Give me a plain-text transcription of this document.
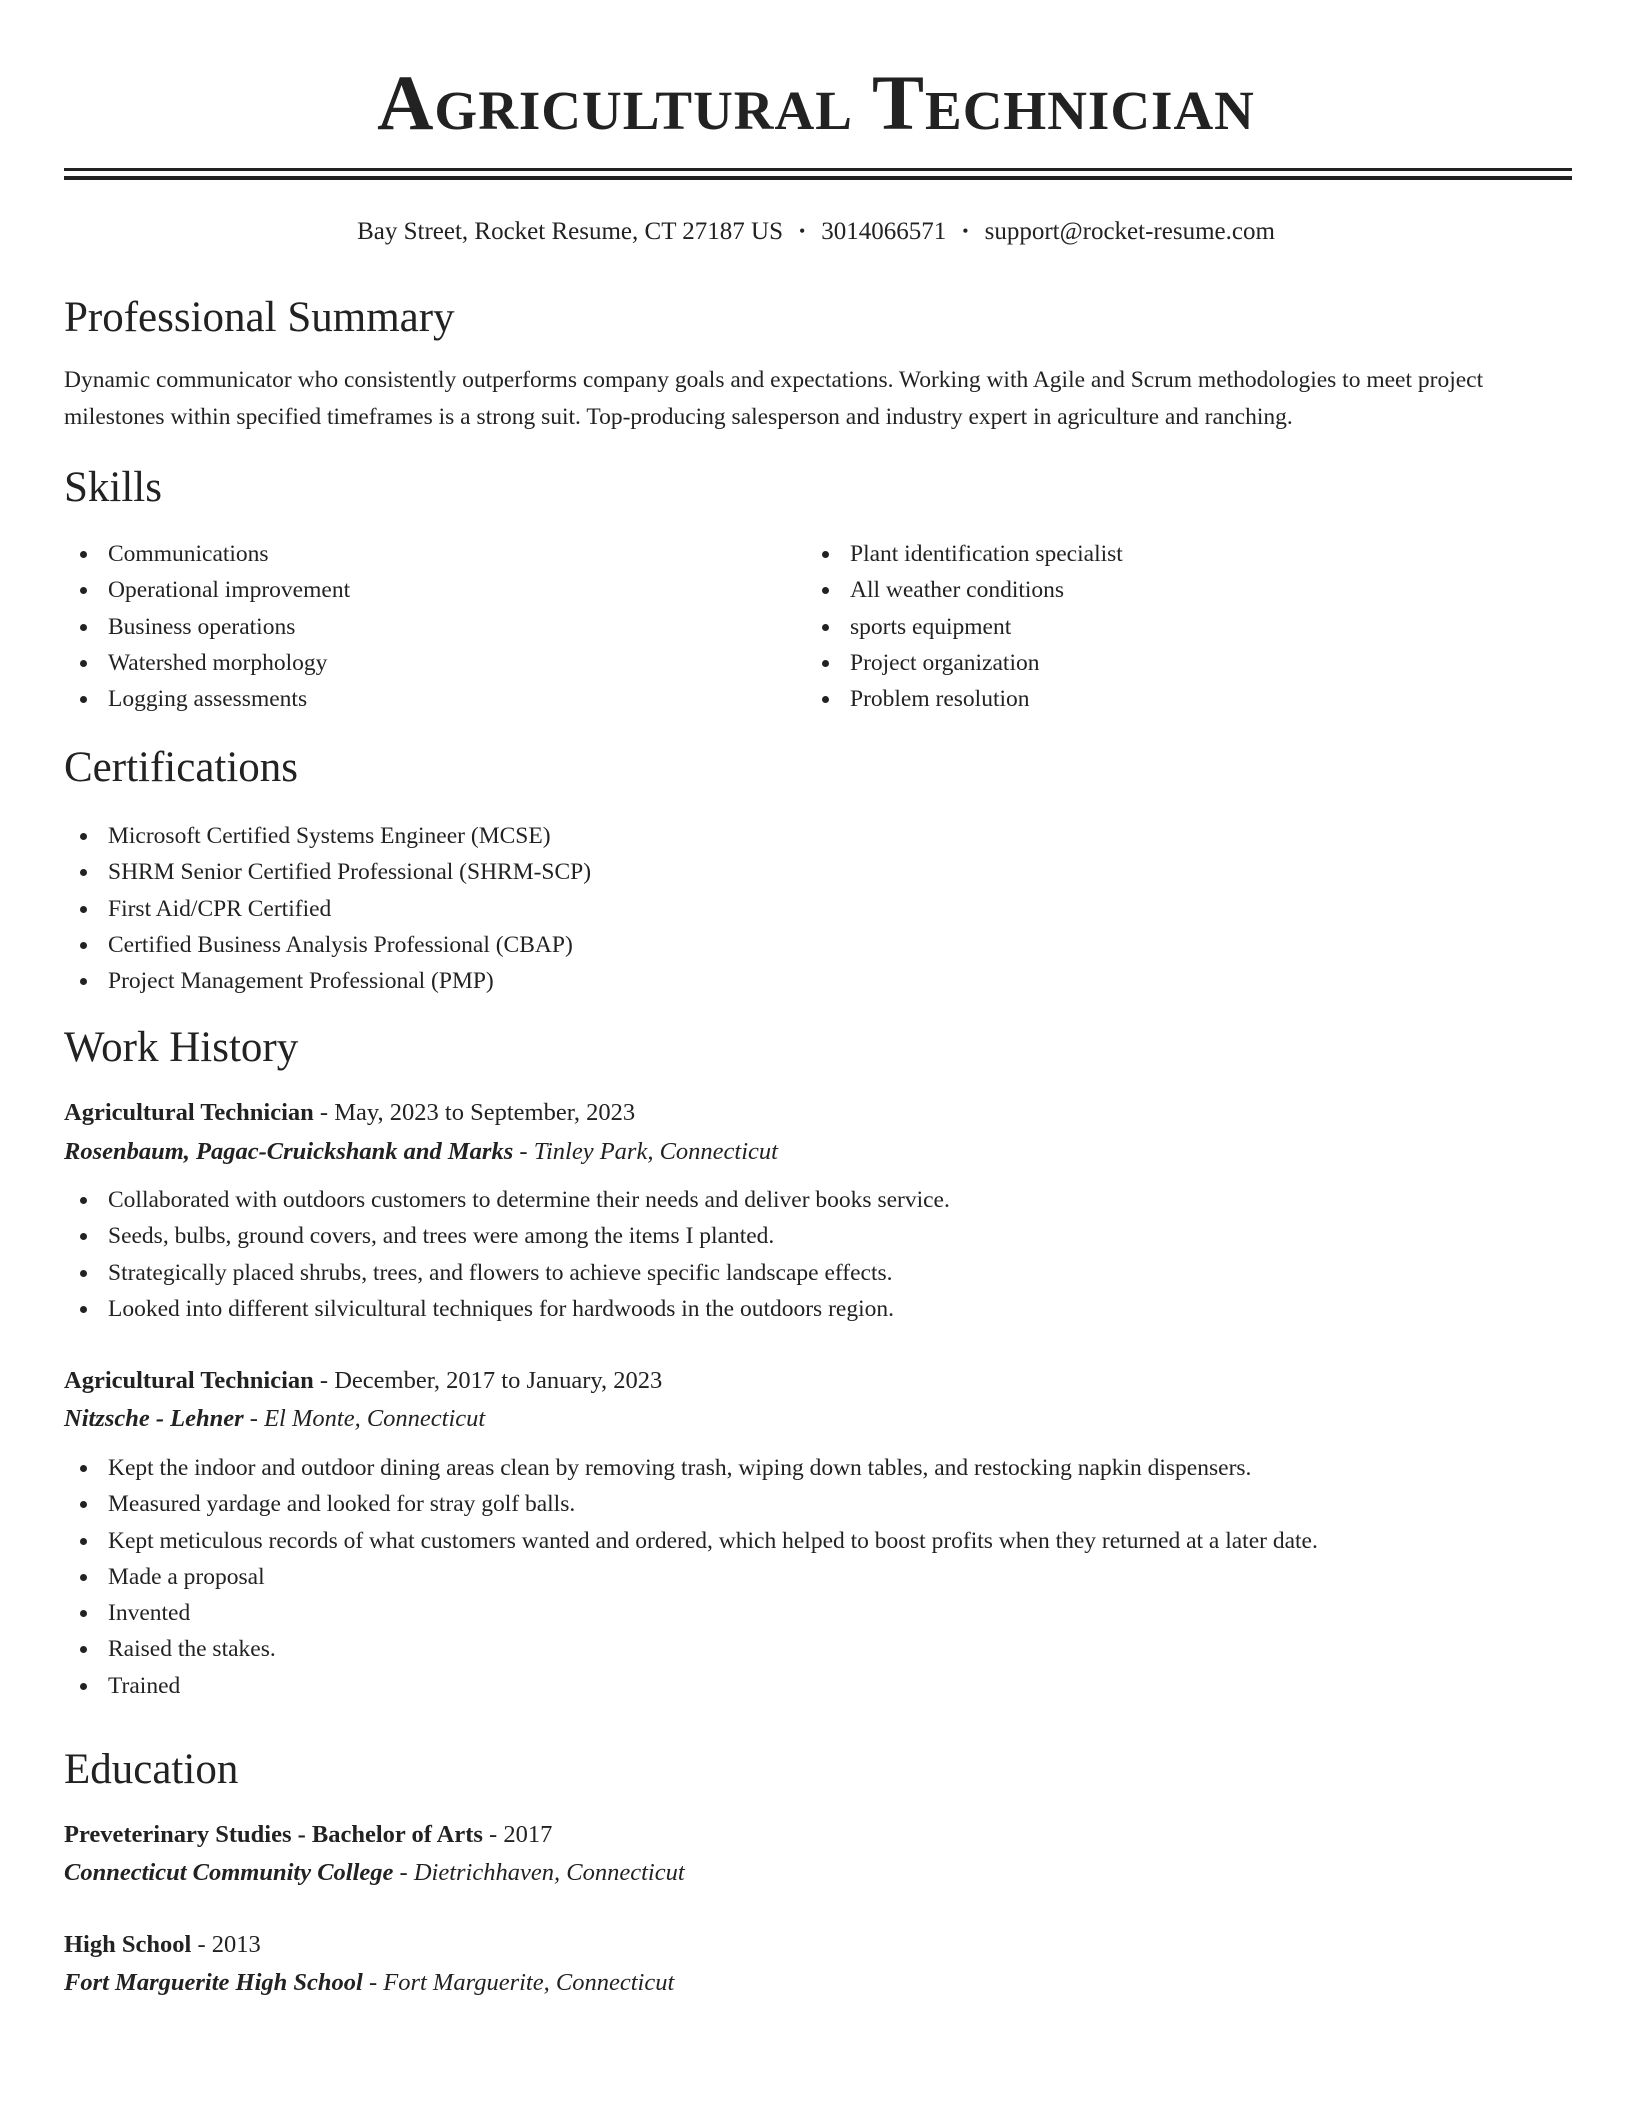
Agricultural Technician
Bay Street, Rocket Resume, CT 27187 US • 3014066571 • support@rocket-resume.com
Professional Summary
Dynamic communicator who consistently outperforms company goals and expectations. Working with Agile and Scrum methodologies to meet project milestones within specified timeframes is a strong suit. Top-producing salesperson and industry expert in agriculture and ranching.
Skills
Communications
Operational improvement
Business operations
Watershed morphology
Logging assessments
Plant identification specialist
All weather conditions
sports equipment
Project organization
Problem resolution
Certifications
Microsoft Certified Systems Engineer (MCSE)
SHRM Senior Certified Professional (SHRM-SCP)
First Aid/CPR Certified
Certified Business Analysis Professional (CBAP)
Project Management Professional (PMP)
Work History
Agricultural Technician - May, 2023 to September, 2023
Rosenbaum, Pagac-Cruickshank and Marks - Tinley Park, Connecticut
Collaborated with outdoors customers to determine their needs and deliver books service.
Seeds, bulbs, ground covers, and trees were among the items I planted.
Strategically placed shrubs, trees, and flowers to achieve specific landscape effects.
Looked into different silvicultural techniques for hardwoods in the outdoors region.
Agricultural Technician - December, 2017 to January, 2023
Nitzsche - Lehner - El Monte, Connecticut
Kept the indoor and outdoor dining areas clean by removing trash, wiping down tables, and restocking napkin dispensers.
Measured yardage and looked for stray golf balls.
Kept meticulous records of what customers wanted and ordered, which helped to boost profits when they returned at a later date.
Made a proposal
Invented
Raised the stakes.
Trained
Education
Preveterinary Studies - Bachelor of Arts - 2017
Connecticut Community College - Dietrichhaven, Connecticut
High School - 2013
Fort Marguerite High School - Fort Marguerite, Connecticut
